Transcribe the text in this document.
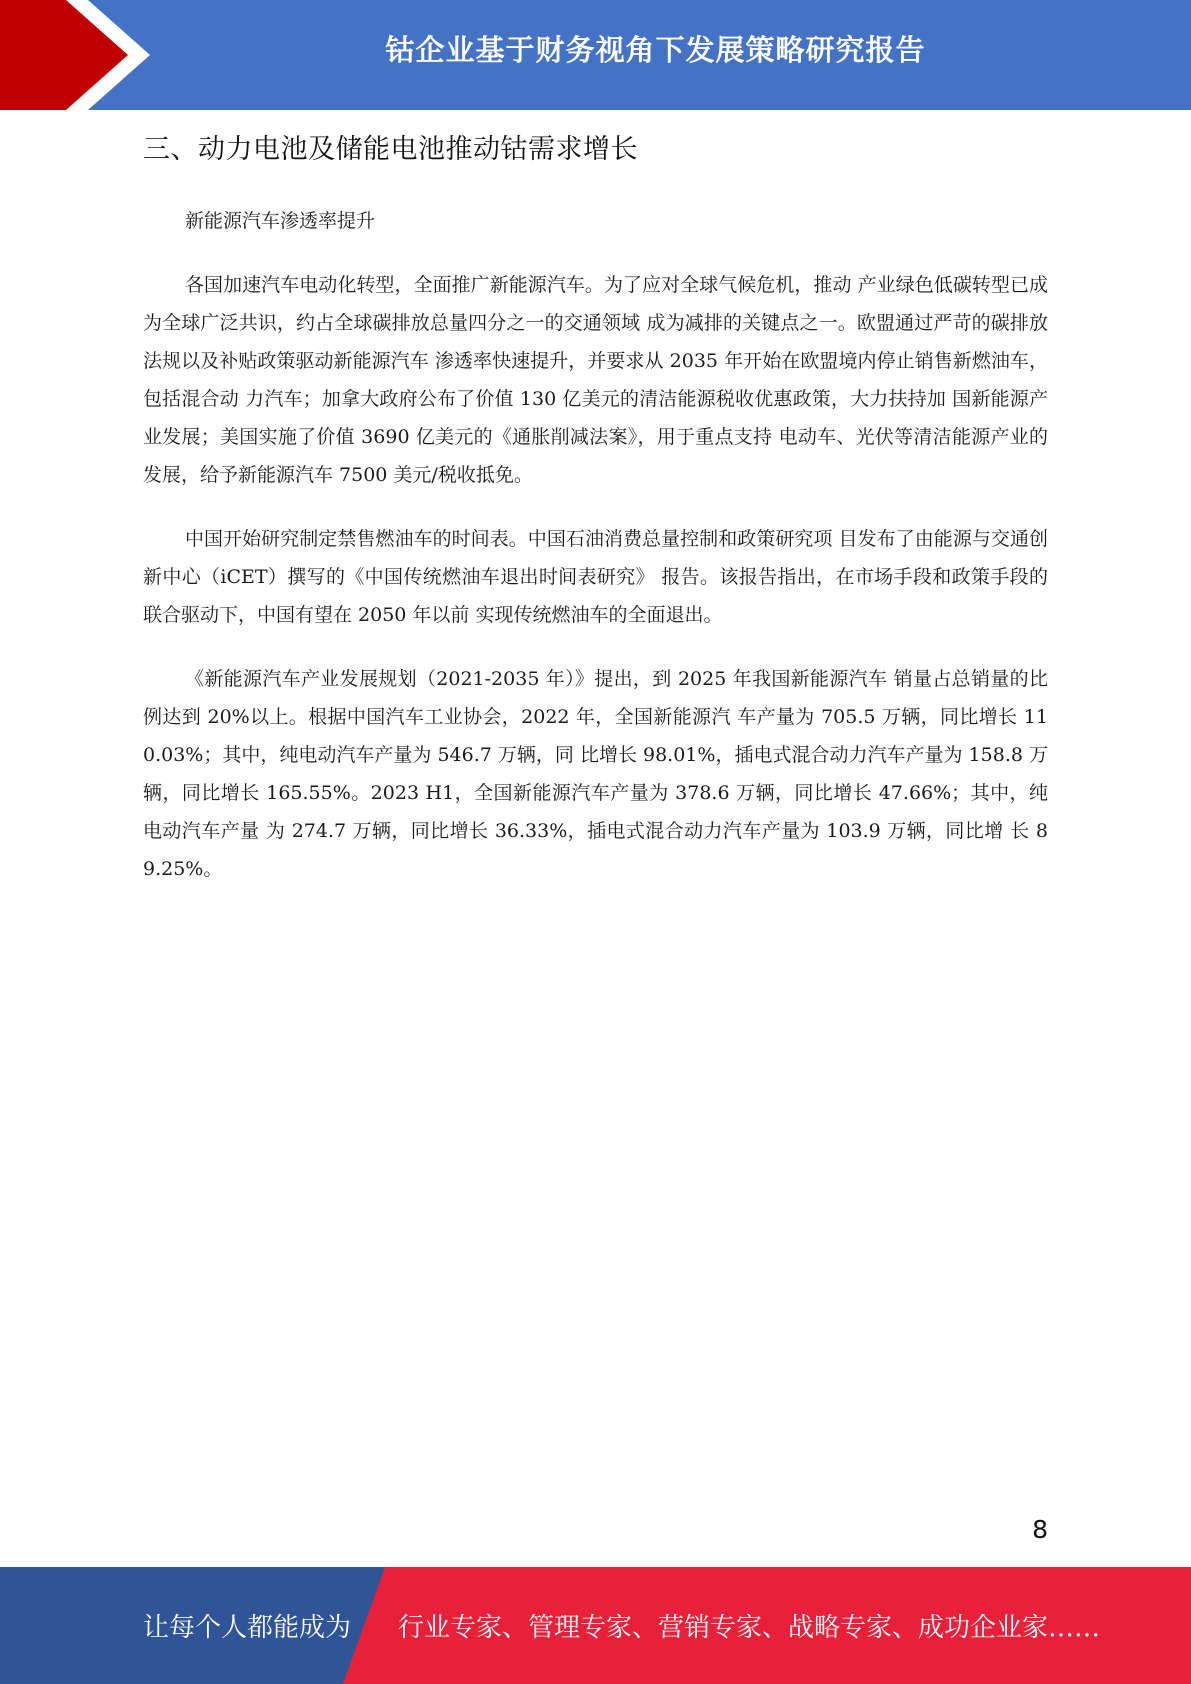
钴企业基于财务视角下发展策略研究报告
三、动力电池及储能电池推动钴需求增长

新能源汽车渗透率提升

各国加速汽车电动化转型，全面推广新能源汽车。为了应对全球气候危机，推动 产业绿色低碳转型已成为全球广泛共识，约占全球碳排放总量四分之一的交通领域 成为减排的关键点之一。欧盟通过严苛的碳排放法规以及补贴政策驱动新能源汽车 渗透率快速提升，并要求从 2035 年开始在欧盟境内停止销售新燃油车，包括混合动 力汽车；加拿大政府公布了价值 130 亿美元的清洁能源税收优惠政策，大力扶持加 国新能源产业发展；美国实施了价值 3690 亿美元的《通胀削减法案》，用于重点支持 电动车、光伏等清洁能源产业的发展，给予新能源汽车 7500 美元/税收抵免。

中国开始研究制定禁售燃油车的时间表。中国石油消费总量控制和政策研究项 目发布了由能源与交通创新中心（iCET）撰写的《中国传统燃油车退出时间表研究》 报告。该报告指出，在市场手段和政策手段的联合驱动下，中国有望在 2050 年以前 实现传统燃油车的全面退出。

《新能源汽车产业发展规划（2021-2035 年）》提出，到 2025 年我国新能源汽车 销量占总销量的比例达到 20%以上。根据中国汽车工业协会，2022 年，全国新能源汽 车产量为 705.5 万辆，同比增长 110.03%；其中，纯电动汽车产量为 546.7 万辆，同 比增长 98.01%，插电式混合动力汽车产量为 158.8 万辆，同比增长 165.55%。2023 H1，全国新能源汽车产量为 378.6 万辆，同比增长 47.66%；其中，纯电动汽车产量 为 274.7 万辆，同比增长 36.33%，插电式混合动力汽车产量为 103.9 万辆，同比增 长 89.25%。

8
让每个人都能成为 行业专家、管理专家、营销专家、战略专家、成功企业家……
